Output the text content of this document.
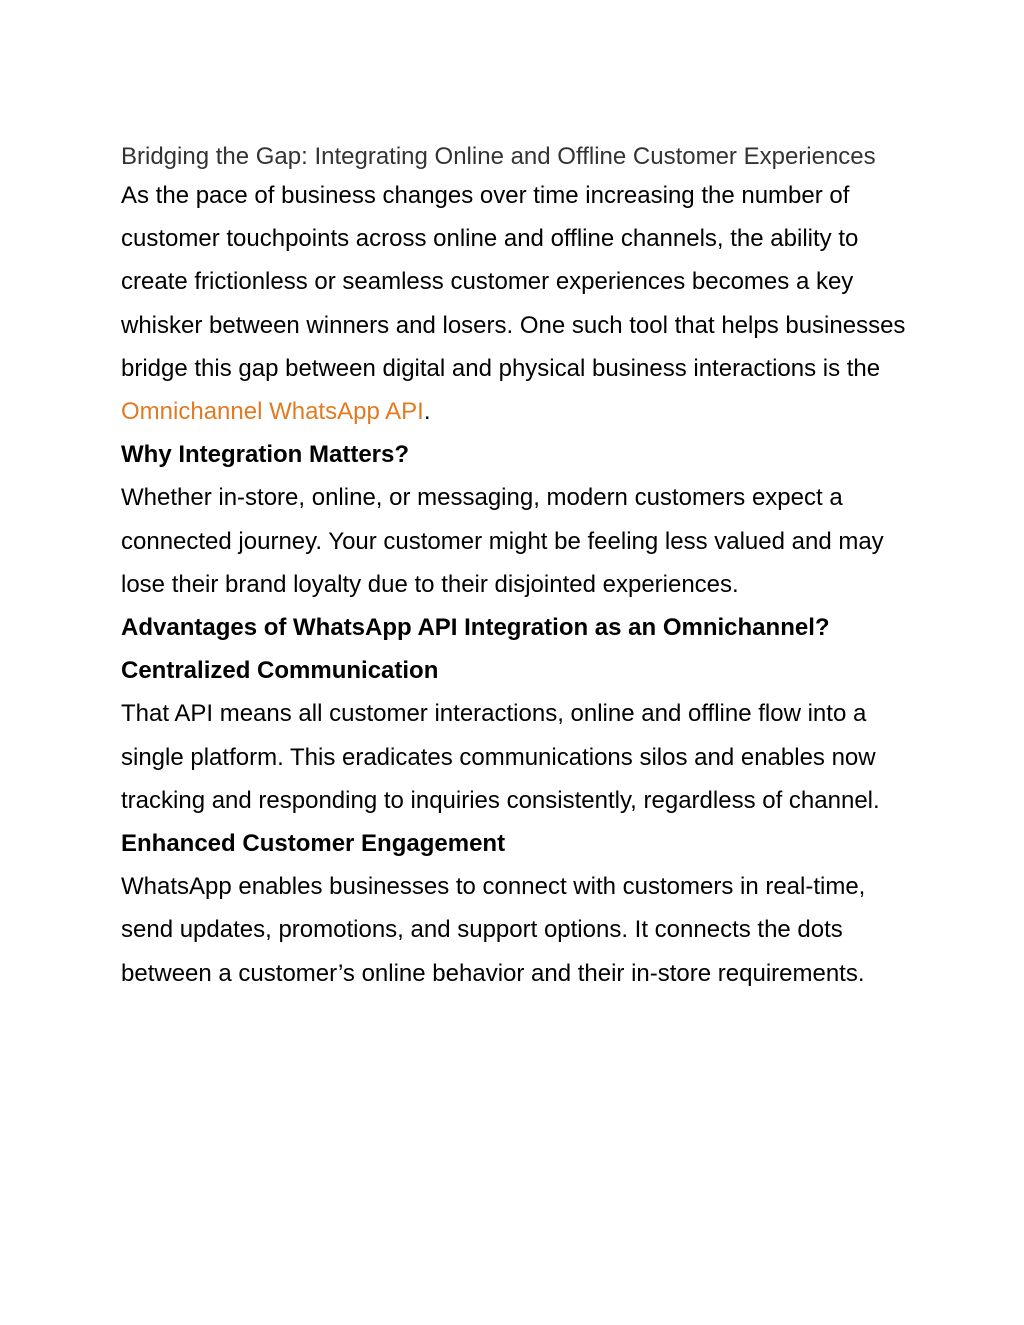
Bridging the Gap: Integrating Online and Offline Customer Experiences

As the pace of business changes over time increasing the number of customer touchpoints across online and offline channels, the ability to create frictionless or seamless customer experiences becomes a key whisker between winners and losers. One such tool that helps businesses bridge this gap between digital and physical business interactions is the Omnichannel WhatsApp API.

Why Integration Matters?

Whether in-store, online, or messaging, modern customers expect a connected journey. Your customer might be feeling less valued and may lose their brand loyalty due to their disjointed experiences.

Advantages of WhatsApp API Integration as an Omnichannel?
Centralized Communication

That API means all customer interactions, online and offline flow into a single platform. This eradicates communications silos and enables now tracking and responding to inquiries consistently, regardless of channel.

Enhanced Customer Engagement

WhatsApp enables businesses to connect with customers in real-time, send updates, promotions, and support options. It connects the dots between a customer’s online behavior and their in-store requirements.
